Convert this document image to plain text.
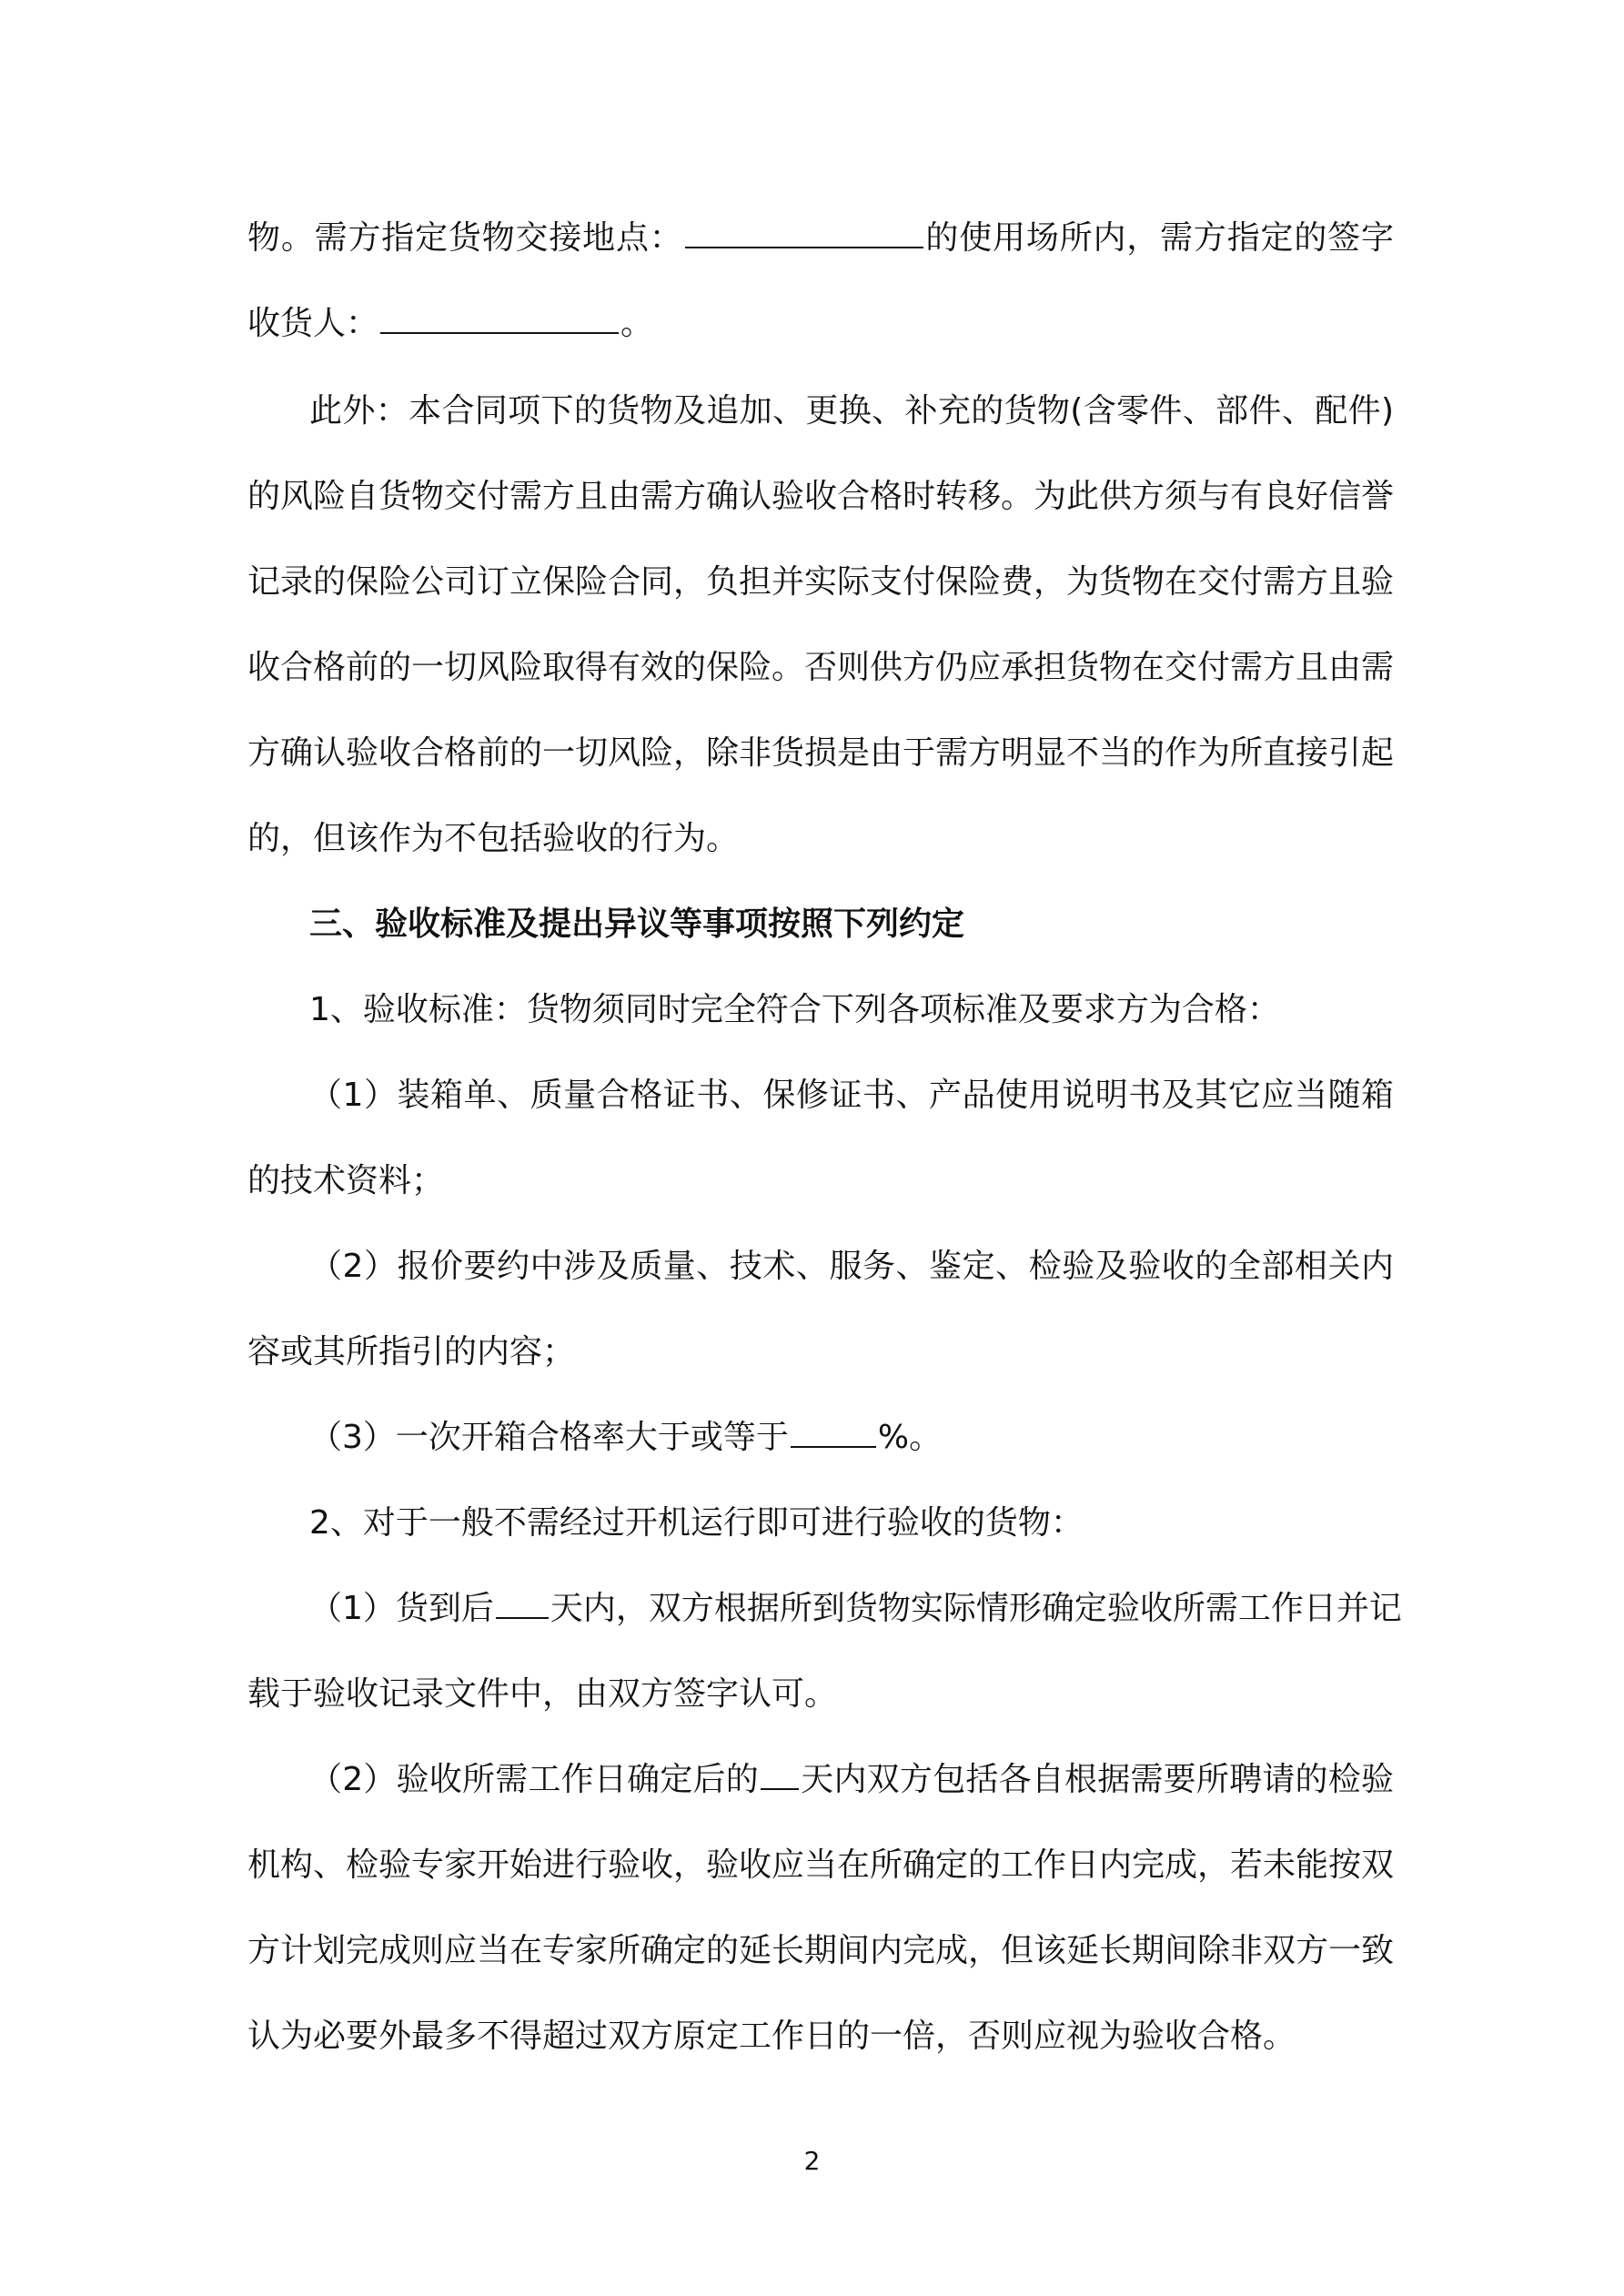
物。需方指定货物交接地点：	的使用场所内，需方指定的签字
收货人：	。
此外：本合同项下的货物及追加、更换、补充的货物(含零件、部件、配件)
的风险自货物交付需方且由需方确认验收合格时转移。为此供方须与有良好信誉
记录的保险公司订立保险合同，负担并实际支付保险费，为货物在交付需方且验
收合格前的一切风险取得有效的保险。否则供方仍应承担货物在交付需方且由需
方确认验收合格前的一切风险，除非货损是由于需方明显不当的作为所直接引起
的，但该作为不包括验收的行为。
三、验收标准及提出异议等事项按照下列约定
1、验收标准：货物须同时完全符合下列各项标准及要求方为合格：
（1）装箱单、质量合格证书、保修证书、产品使用说明书及其它应当随箱
的技术资料；
（2）报价要约中涉及质量、技术、服务、鉴定、检验及验收的全部相关内
容或其所指引的内容；
（3）一次开箱合格率大于或等于	%。
2、对于一般不需经过开机运行即可进行验收的货物：
（1）货到后 天内，双方根据所到货物实际情形确定验收所需工作日并记
载于验收记录文件中，由双方签字认可。
（2）验收所需工作日确定后的 天内双方包括各自根据需要所聘请的检验
机构、检验专家开始进行验收，验收应当在所确定的工作日内完成，若未能按双
方计划完成则应当在专家所确定的延长期间内完成，但该延长期间除非双方一致
认为必要外最多不得超过双方原定工作日的一倍，否则应视为验收合格。
2
